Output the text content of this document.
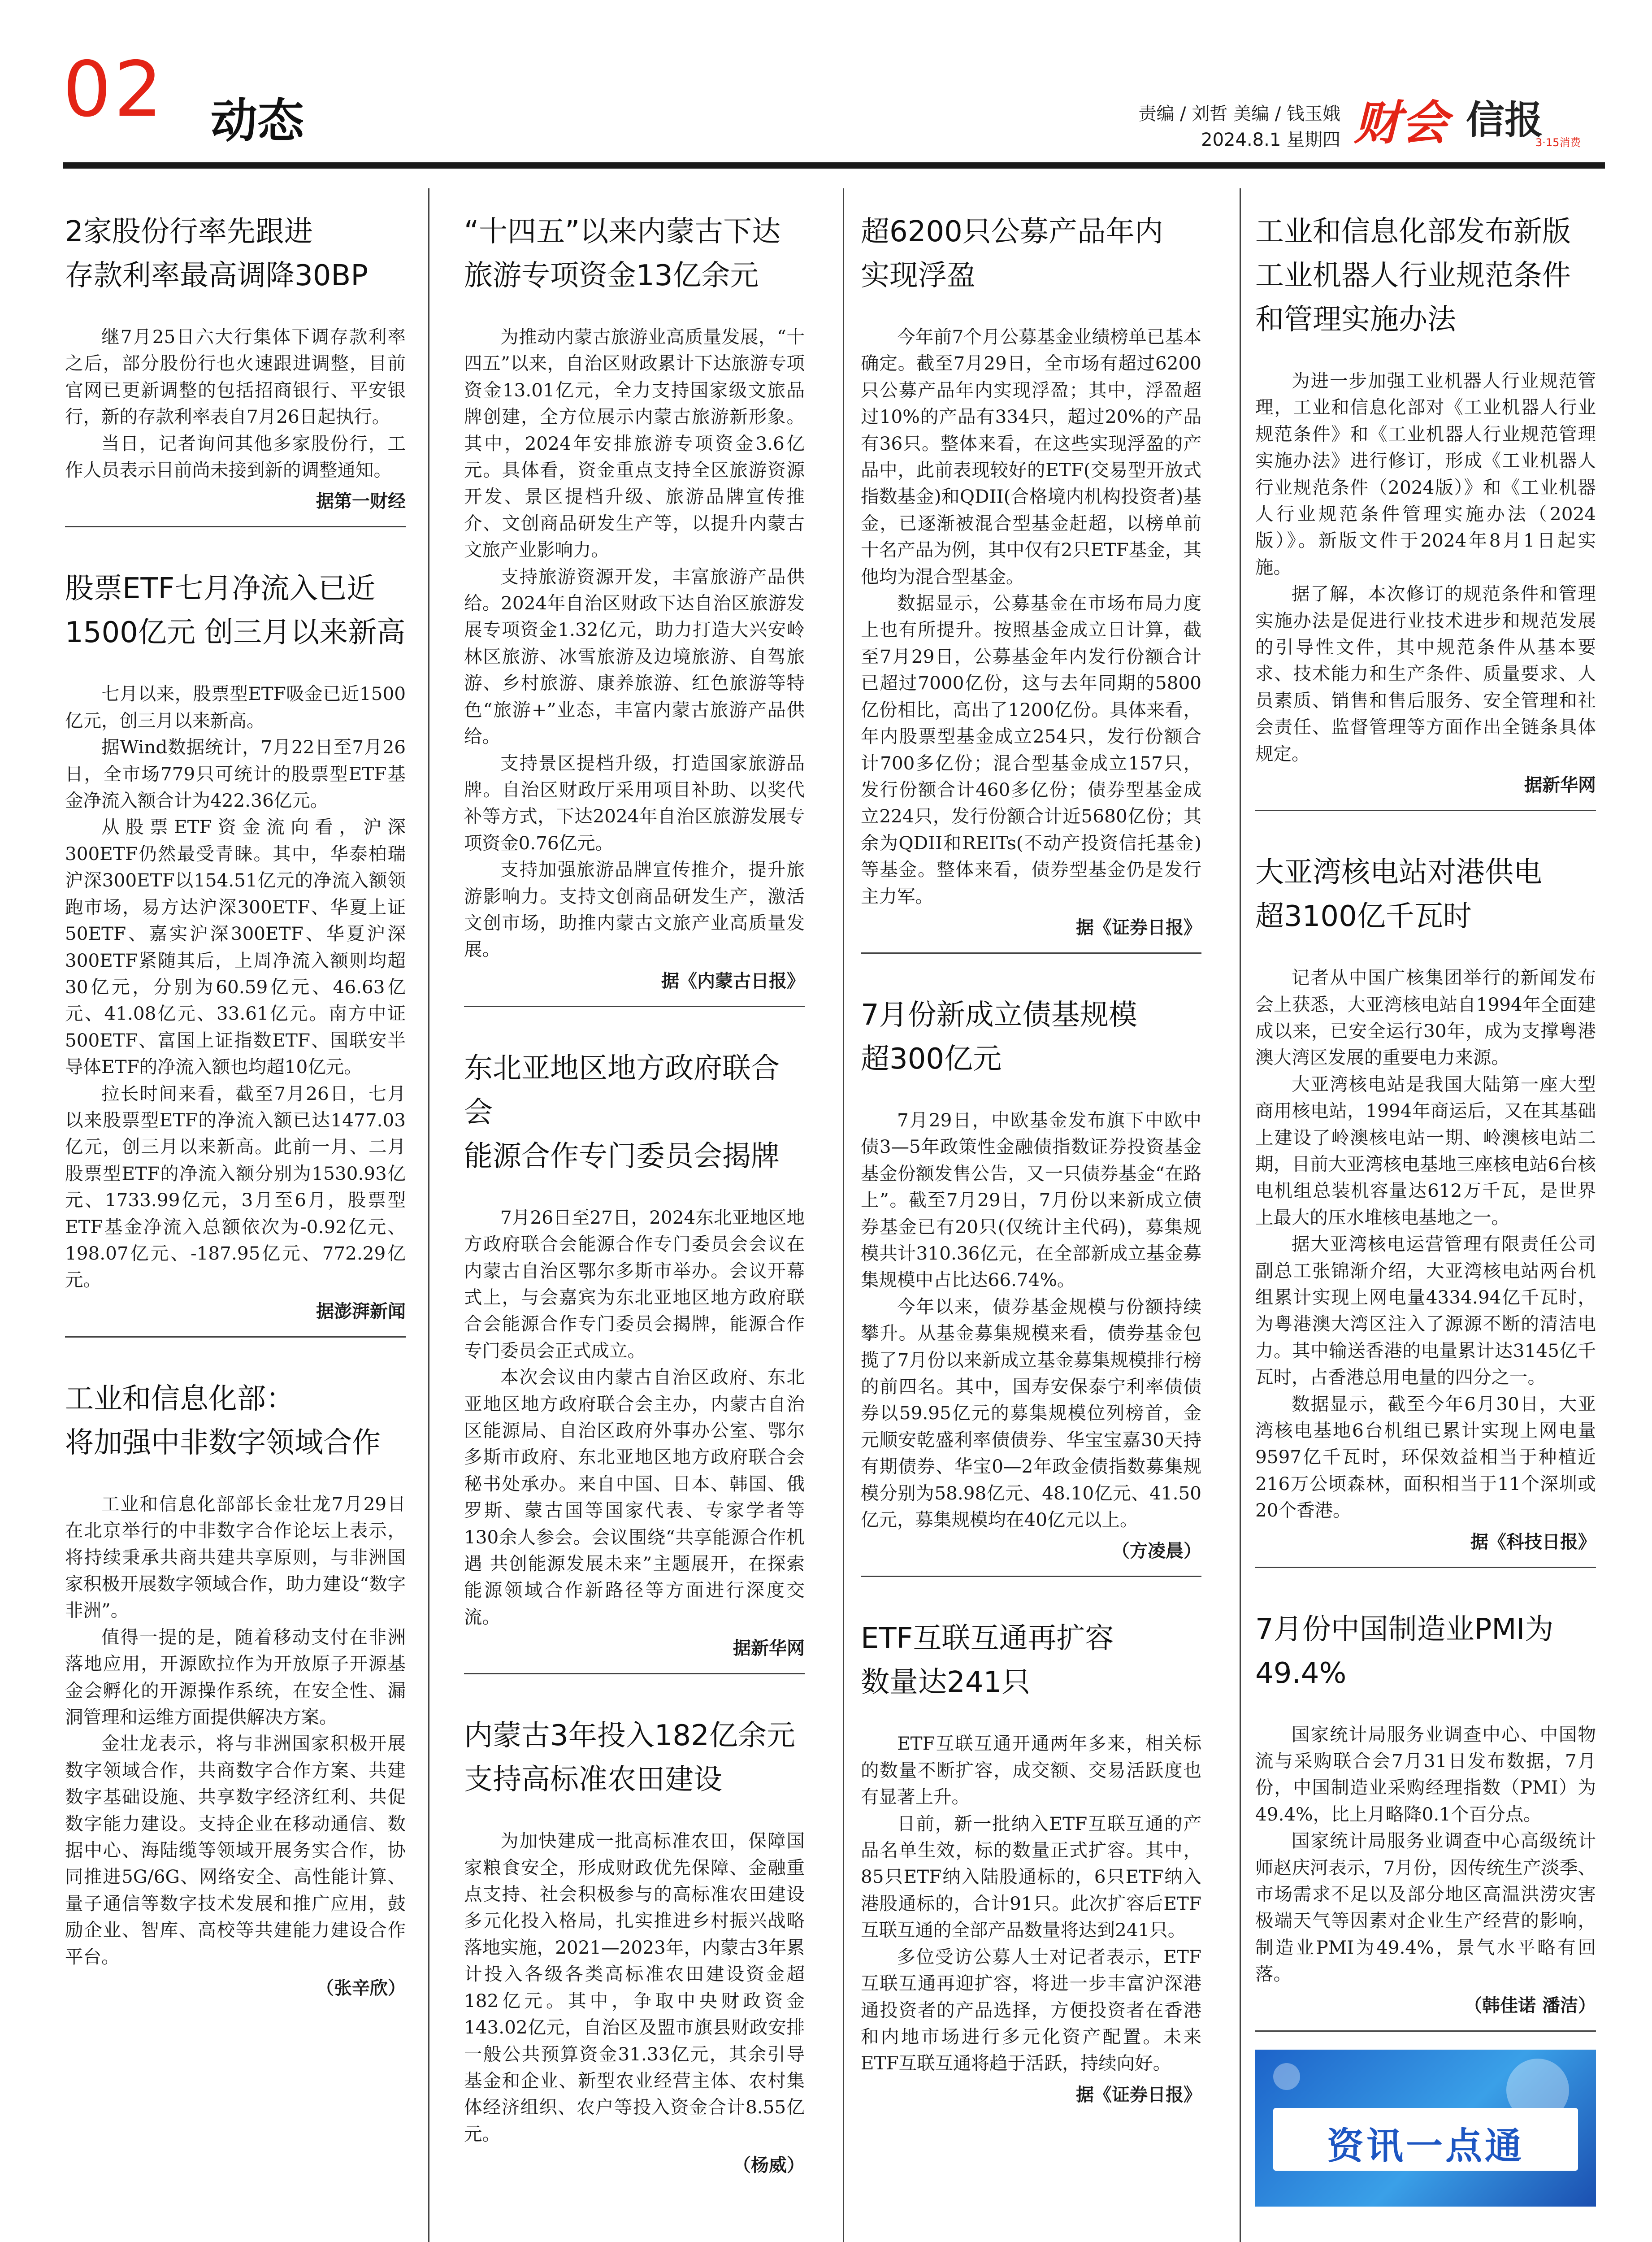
02 动态	责编 / 刘哲 美编 / 钱玉娥
2024.8.1 星期四 财会 信报
3·15消费
2家股份行率先跟进
存款利率最高调降30BP

继7月25日六大行集体下调存款利率之后，部分股份行也火速跟进调整，目前官网已更新调整的包括招商银行、平安银行，新的存款利率表自7月26日起执行。

当日，记者询问其他多家股份行，工作人员表示目前尚未接到新的调整通知。

据第一财经
股票ETF七月净流入已近
1500亿元 创三月以来新高

七月以来，股票型ETF吸金已近1500亿元，创三月以来新高。

据Wind数据统计，7月22日至7月26日，全市场779只可统计的股票型ETF基金净流入额合计为422.36亿元。

从股票ETF资金流向看，沪深300ETF仍然最受青睐。其中，华泰柏瑞沪深300ETF以154.51亿元的净流入额领跑市场，易方达沪深300ETF、华夏上证50ETF、嘉实沪深300ETF、华夏沪深300ETF紧随其后，上周净流入额则均超30亿元，分别为60.59亿元、46.63亿元、41.08亿元、33.61亿元。南方中证500ETF、富国上证指数ETF、国联安半导体ETF的净流入额也均超10亿元。

拉长时间来看，截至7月26日，七月以来股票型ETF的净流入额已达1477.03亿元，创三月以来新高。此前一月、二月股票型ETF的净流入额分别为1530.93亿元、1733.99亿元，3月至6月，股票型ETF基金净流入总额依次为-0.92亿元、198.07亿元、-187.95亿元、772.29亿元。

据澎湃新闻
工业和信息化部：
将加强中非数字领域合作

工业和信息化部部长金壮龙7月29日在北京举行的中非数字合作论坛上表示，将持续秉承共商共建共享原则，与非洲国家积极开展数字领域合作，助力建设“数字非洲”。

值得一提的是，随着移动支付在非洲落地应用，开源欧拉作为开放原子开源基金会孵化的开源操作系统，在安全性、漏洞管理和运维方面提供解决方案。

金壮龙表示，将与非洲国家积极开展数字领域合作，共商数字合作方案、共建数字基础设施、共享数字经济红利、共促数字能力建设。支持企业在移动通信、数据中心、海陆缆等领域开展务实合作，协同推进5G/6G、网络安全、高性能计算、量子通信等数字技术发展和推广应用，鼓励企业、智库、高校等共建能力建设合作平台。

（张辛欣）
“十四五”以来内蒙古下达
旅游专项资金13亿余元

为推动内蒙古旅游业高质量发展，“十四五”以来，自治区财政累计下达旅游专项资金13.01亿元，全力支持国家级文旅品牌创建，全方位展示内蒙古旅游新形象。其中，2024年安排旅游专项资金3.6亿元。具体看，资金重点支持全区旅游资源开发、景区提档升级、旅游品牌宣传推介、文创商品研发生产等，以提升内蒙古文旅产业影响力。

支持旅游资源开发，丰富旅游产品供给。2024年自治区财政下达自治区旅游发展专项资金1.32亿元，助力打造大兴安岭林区旅游、冰雪旅游及边境旅游、自驾旅游、乡村旅游、康养旅游、红色旅游等特色“旅游+”业态，丰富内蒙古旅游产品供给。

支持景区提档升级，打造国家旅游品牌。自治区财政厅采用项目补助、以奖代补等方式，下达2024年自治区旅游发展专项资金0.76亿元。

支持加强旅游品牌宣传推介，提升旅游影响力。支持文创商品研发生产，激活文创市场，助推内蒙古文旅产业高质量发展。

据《内蒙古日报》
东北亚地区地方政府联合会
能源合作专门委员会揭牌

7月26日至27日，2024东北亚地区地方政府联合会能源合作专门委员会会议在内蒙古自治区鄂尔多斯市举办。会议开幕式上，与会嘉宾为东北亚地区地方政府联合会能源合作专门委员会揭牌，能源合作专门委员会正式成立。

本次会议由内蒙古自治区政府、东北亚地区地方政府联合会主办，内蒙古自治区能源局、自治区政府外事办公室、鄂尔多斯市政府、东北亚地区地方政府联合会秘书处承办。来自中国、日本、韩国、俄罗斯、蒙古国等国家代表、专家学者等130余人参会。会议围绕“共享能源合作机遇 共创能源发展未来”主题展开，在探索能源领域合作新路径等方面进行深度交流。

据新华网
内蒙古3年投入182亿余元
支持高标准农田建设

为加快建成一批高标准农田，保障国家粮食安全，形成财政优先保障、金融重点支持、社会积极参与的高标准农田建设多元化投入格局，扎实推进乡村振兴战略落地实施，2021—2023年，内蒙古3年累计投入各级各类高标准农田建设资金超182亿元。其中，争取中央财政资金143.02亿元，自治区及盟市旗县财政安排一般公共预算资金31.33亿元，其余引导基金和企业、新型农业经营主体、农村集体经济组织、农户等投入资金合计8.55亿元。

（杨威）
超6200只公募产品年内
实现浮盈

今年前7个月公募基金业绩榜单已基本确定。截至7月29日，全市场有超过6200只公募产品年内实现浮盈；其中，浮盈超过10%的产品有334只，超过20%的产品有36只。整体来看，在这些实现浮盈的产品中，此前表现较好的ETF(交易型开放式指数基金)和QDII(合格境内机构投资者)基金，已逐渐被混合型基金赶超，以榜单前十名产品为例，其中仅有2只ETF基金，其他均为混合型基金。

数据显示，公募基金在市场布局力度上也有所提升。按照基金成立日计算，截至7月29日，公募基金年内发行份额合计已超过7000亿份，这与去年同期的5800亿份相比，高出了1200亿份。具体来看，年内股票型基金成立254只，发行份额合计700多亿份；混合型基金成立157只，发行份额合计460多亿份；债券型基金成立224只，发行份额合计近5680亿份；其余为QDII和REITs(不动产投资信托基金)等基金。整体来看，债券型基金仍是发行主力军。

据《证券日报》
7月份新成立债基规模
超300亿元

7月29日，中欧基金发布旗下中欧中债3—5年政策性金融债指数证券投资基金基金份额发售公告，又一只债券基金“在路上”。截至7月29日，7月份以来新成立债券基金已有20只(仅统计主代码)，募集规模共计310.36亿元，在全部新成立基金募集规模中占比达66.74%。

今年以来，债券基金规模与份额持续攀升。从基金募集规模来看，债券基金包揽了7月份以来新成立基金募集规模排行榜的前四名。其中，国寿安保泰宁利率债债券以59.95亿元的募集规模位列榜首，金元顺安乾盛利率债债券、华宝宝嘉30天持有期债券、华宝0—2年政金债指数募集规模分别为58.98亿元、48.10亿元、41.50亿元，募集规模均在40亿元以上。

（方凌晨）
ETF互联互通再扩容
数量达241只

ETF互联互通开通两年多来，相关标的数量不断扩容，成交额、交易活跃度也有显著上升。

日前，新一批纳入ETF互联互通的产品名单生效，标的数量正式扩容。其中，85只ETF纳入陆股通标的，6只ETF纳入港股通标的，合计91只。此次扩容后ETF互联互通的全部产品数量将达到241只。

多位受访公募人士对记者表示，ETF互联互通再迎扩容，将进一步丰富沪深港通投资者的产品选择，方便投资者在香港和内地市场进行多元化资产配置。未来ETF互联互通将趋于活跃，持续向好。

据《证券日报》
工业和信息化部发布新版
工业机器人行业规范条件
和管理实施办法

为进一步加强工业机器人行业规范管理，工业和信息化部对《工业机器人行业规范条件》和《工业机器人行业规范管理实施办法》进行修订，形成《工业机器人行业规范条件（2024版）》和《工业机器人行业规范条件管理实施办法（2024版）》。新版文件于2024年8月1日起实施。

据了解，本次修订的规范条件和管理实施办法是促进行业技术进步和规范发展的引导性文件，其中规范条件从基本要求、技术能力和生产条件、质量要求、人员素质、销售和售后服务、安全管理和社会责任、监督管理等方面作出全链条具体规定。

据新华网
大亚湾核电站对港供电
超3100亿千瓦时

记者从中国广核集团举行的新闻发布会上获悉，大亚湾核电站自1994年全面建成以来，已安全运行30年，成为支撑粤港澳大湾区发展的重要电力来源。

大亚湾核电站是我国大陆第一座大型商用核电站，1994年商运后，又在其基础上建设了岭澳核电站一期、岭澳核电站二期，目前大亚湾核电基地三座核电站6台核电机组总装机容量达612万千瓦，是世界上最大的压水堆核电基地之一。

据大亚湾核电运营管理有限责任公司副总工张锦渐介绍，大亚湾核电站两台机组累计实现上网电量4334.94亿千瓦时，为粤港澳大湾区注入了源源不断的清洁电力。其中输送香港的电量累计达3145亿千瓦时，占香港总用电量的四分之一。

数据显示，截至今年6月30日，大亚湾核电基地6台机组已累计实现上网电量9597亿千瓦时，环保效益相当于种植近216万公顷森林，面积相当于11个深圳或20个香港。

据《科技日报》
7月份中国制造业PMI为49.4%

国家统计局服务业调查中心、中国物流与采购联合会7月31日发布数据，7月份，中国制造业采购经理指数（PMI）为49.4%，比上月略降0.1个百分点。

国家统计局服务业调查中心高级统计师赵庆河表示，7月份，因传统生产淡季、市场需求不足以及部分地区高温洪涝灾害极端天气等因素对企业生产经营的影响，制造业PMI为49.4%，景气水平略有回落。

（韩佳诺 潘洁）
资讯一点通
